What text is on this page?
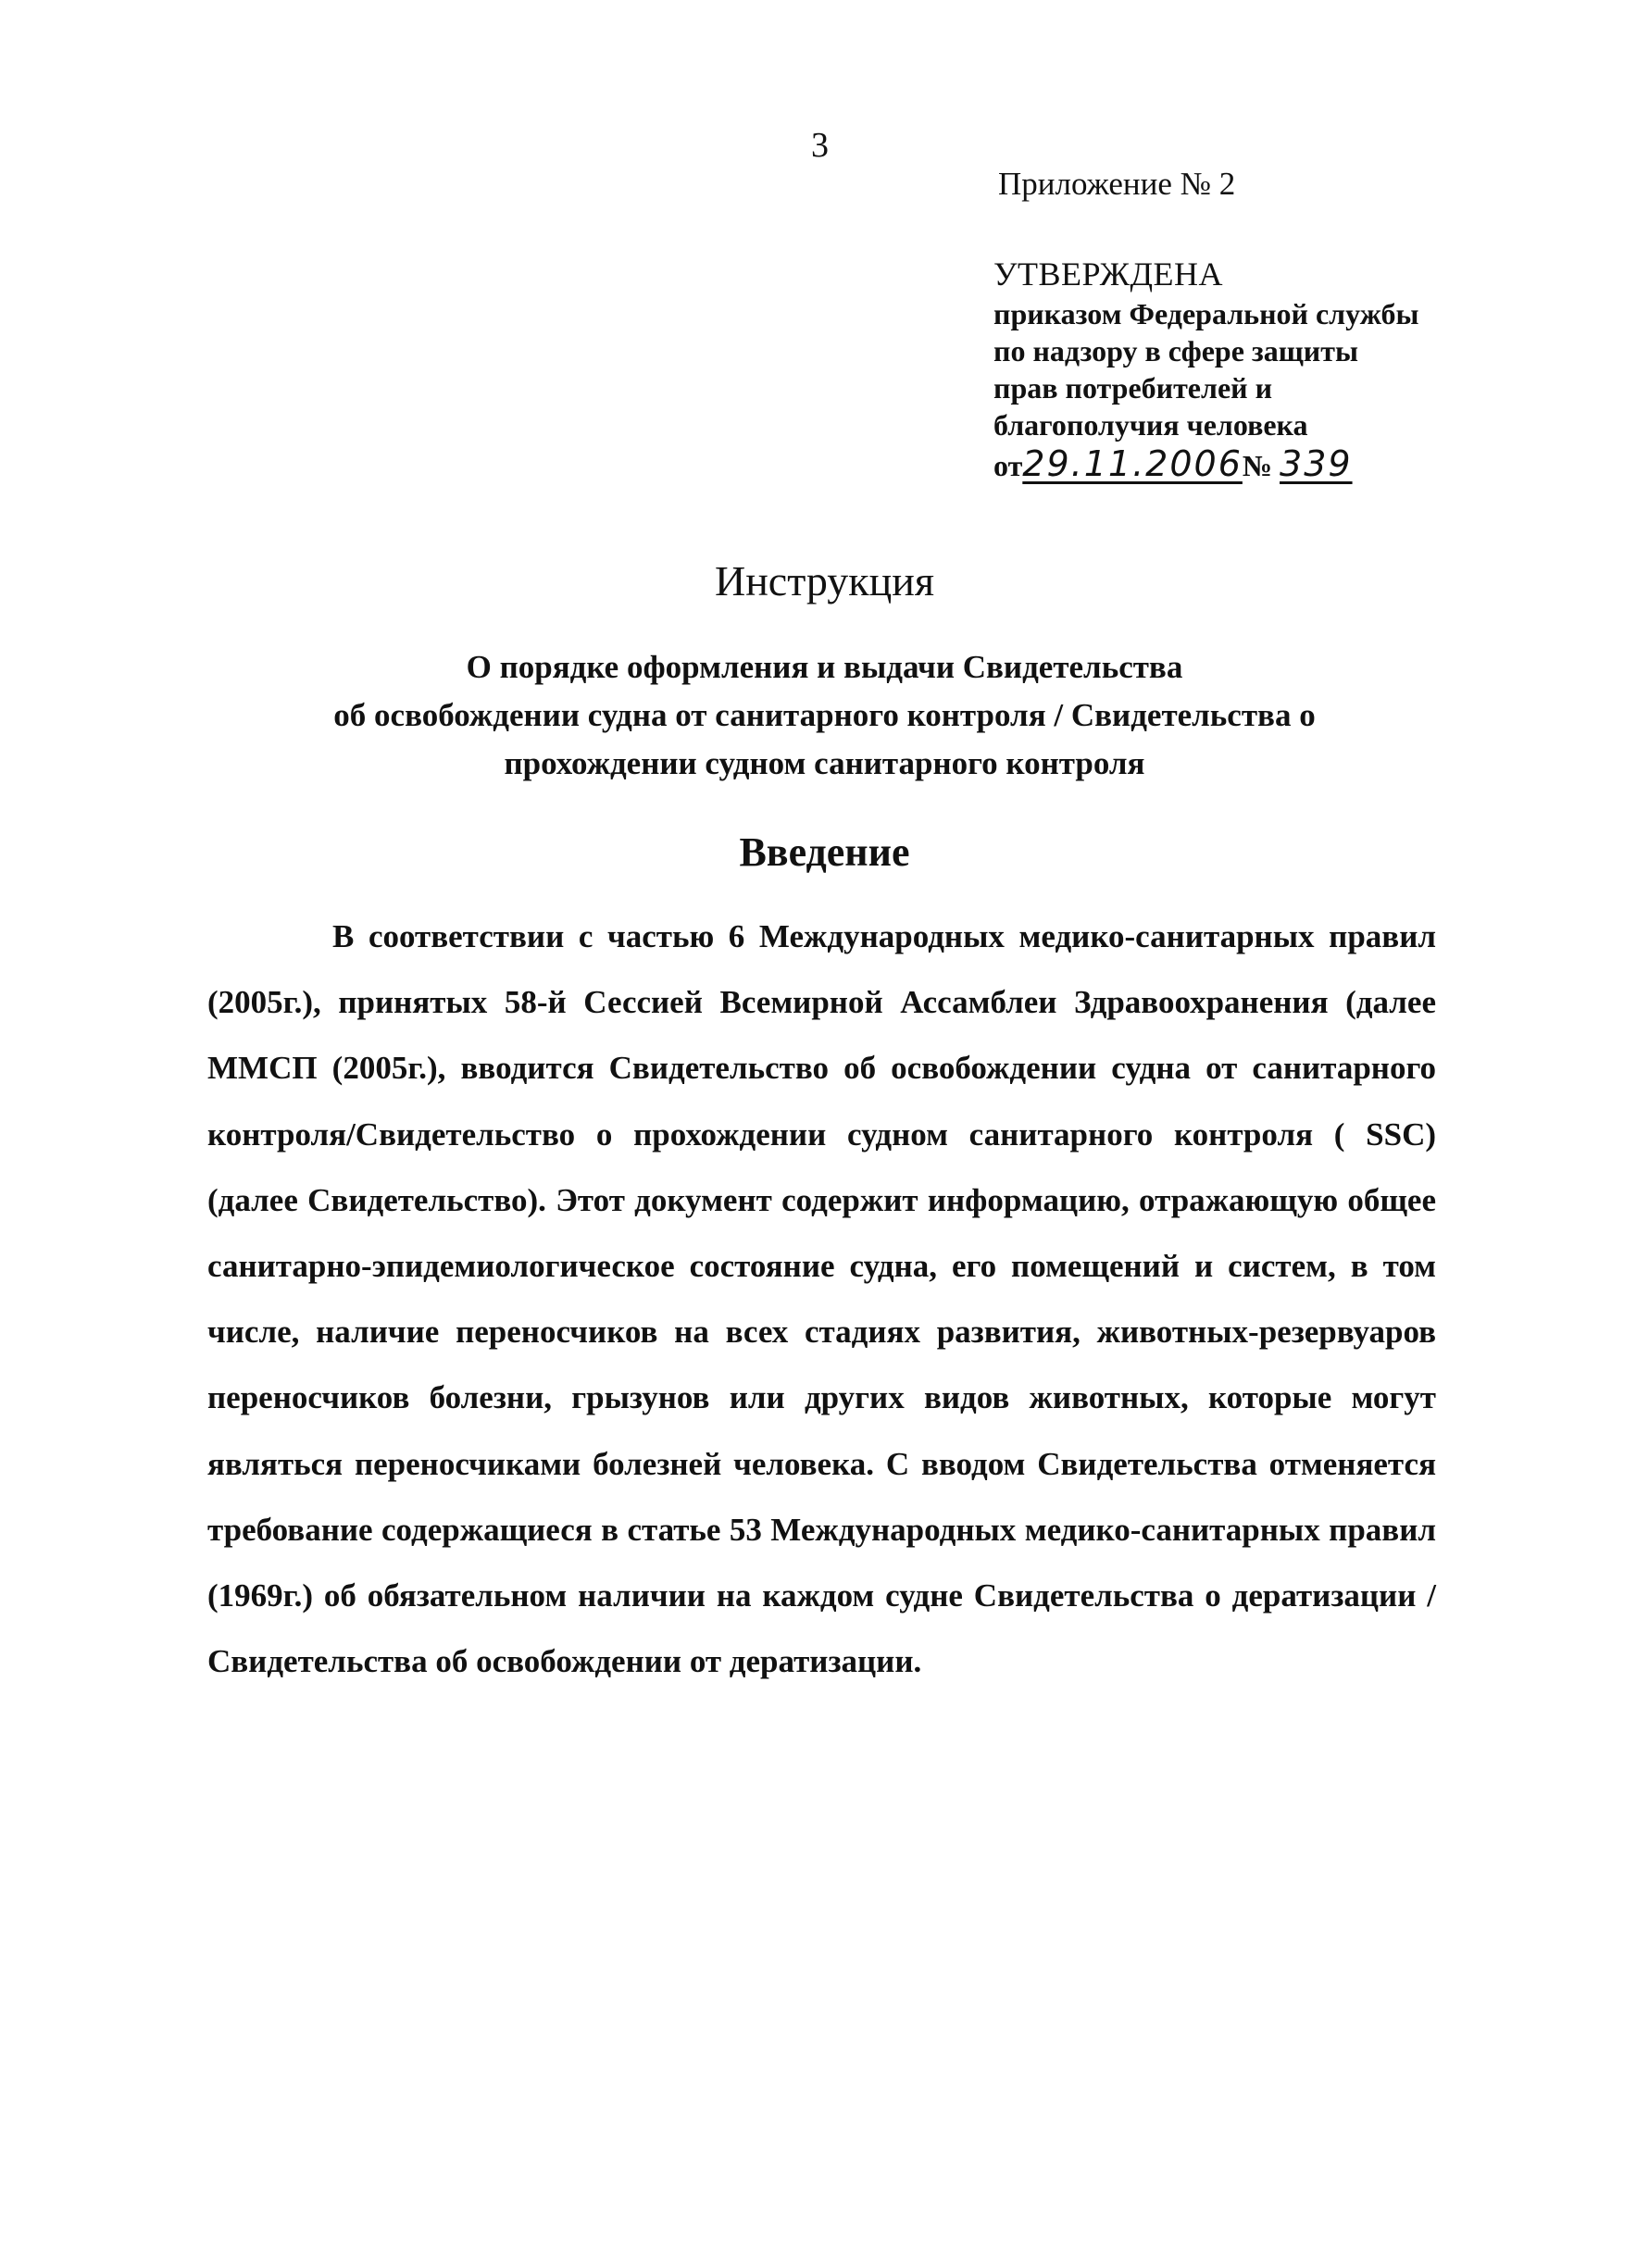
3
Приложение № 2
УТВЕРЖДЕНА
приказом Федеральной службы
по надзору в сфере защиты
прав потребителей и
благополучия человека
от29.11.2006№ 339
Инструкция
О порядке оформления и выдачи Свидетельства
об освобождении судна от санитарного контроля / Свидетельства о
прохождении судном санитарного контроля
Введение
В соответствии с частью 6 Международных медико-санитарных правил (2005г.), принятых 58-й Сессией Всемирной Ассамблеи Здравоохранения (далее ММСП (2005г.), вводится Свидетельство об освобождении судна от санитарного контроля/Свидетельство о прохождении судном санитарного контроля ( SSC) (далее Свидетельство). Этот документ содержит информацию, отражающую общее санитарно-эпидемиологическое состояние судна, его помещений и систем, в том числе, наличие переносчиков на всех стадиях развития, животных-резервуаров переносчиков болезни, грызунов или других видов животных, которые могут являться переносчиками болезней человека. С вводом Свидетельства отменяется требование содержащиеся в статье 53 Международных медико-санитарных правил (1969г.) об обязательном наличии на каждом судне Свидетельства о дератизации / Свидетельства об освобождении от дератизации.
